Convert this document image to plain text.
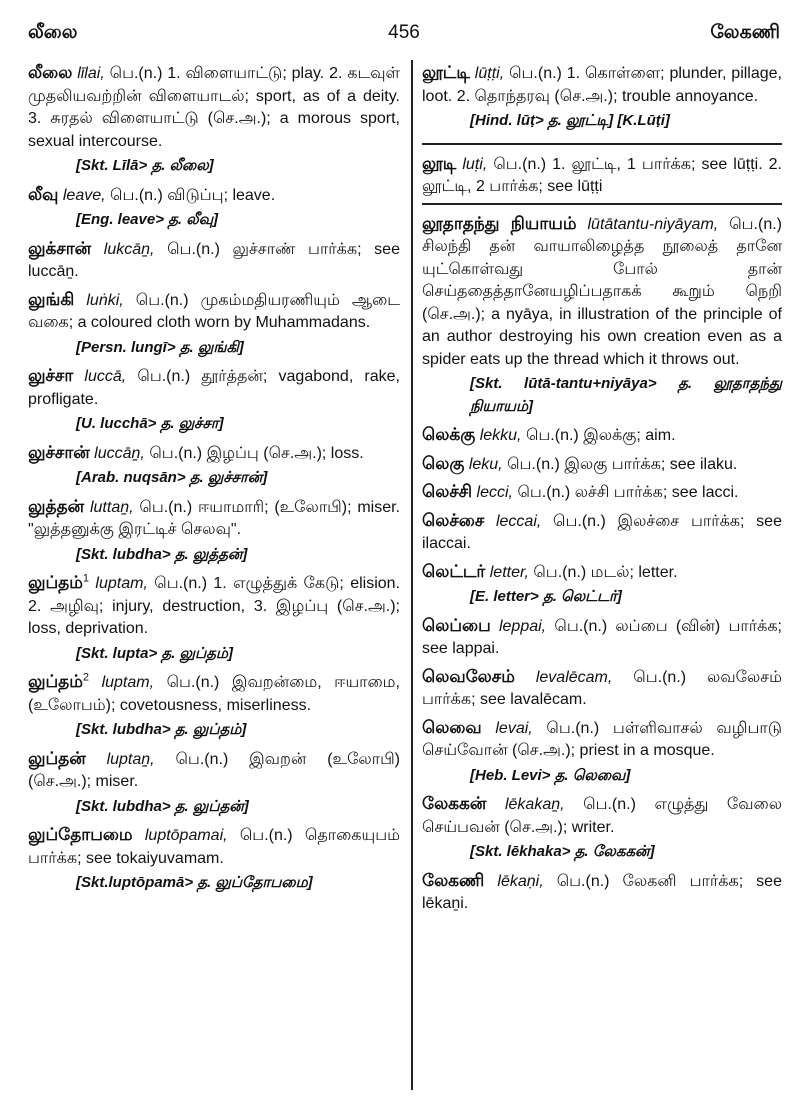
லீலை	456	லேகணி
லீலை līlai, பெ.(n.) 1. விளையாட்டு; play. 2. கடவுள் முதலியவற்றின் விளையாடல்; sport, as of a deity. 3. சுரதல் விளையாட்டு (செ.அ.); a morous sport, sexual intercourse.
[Skt. Līlā> த. லீலை]
லீவு leave, பெ.(n.) விடுப்பு; leave.
[Eng. leave> த. லீவு]
லுக்சான் lukcāṉ, பெ.(n.) லுச்சாண் பார்க்க; see luccāṉ.
லுங்கி luṅki, பெ.(n.) முகம்மதியரணியும் ஆடை வகை; a coloured cloth worn by Muhammadans.
[Persn. lungī> த. லுங்கி]
லுச்சா luccā, பெ.(n.) தூர்த்தன்; vagabond, rake, profligate.
[U. lucchā> த. லுச்சா]
லுச்சான் luccāṉ, பெ.(n.) இழப்பு (செ.அ.); loss.
[Arab. nuqsān> த. லுச்சான்]
லுத்தன் luttaṉ, பெ.(n.) ஈயாமாரி; (உலோபி); miser. "லுத்தனுக்கு இரட்டிச் செலவு".
[Skt. lubdha> த. லுத்தன்]
லுப்தம்$^1$ luptam, பெ.(n.) 1. எழுத்துக் கேடு; elision. 2. அழிவு; injury, destruction, 3. இழப்பு (செ.அ.); loss, deprivation.
[Skt. lupta> த. லுப்தம்]
லுப்தம்$^2$ luptam, பெ.(n.) இவறன்மை, ஈயாமை, (உலோபம்); covetousness, miserliness.
[Skt. lubdha> த. லுப்தம்]
லுப்தன் luptaṉ, பெ.(n.) இவறன் (உலோபி) (செ.அ.); miser.
[Skt. lubdha> த. லுப்தன்]
லுப்தோபமை luptōpamai, பெ.(n.) தொகையுபம் பார்க்க; see tokaiyuvamam.
[Skt.luptōpamā> த. லுப்தோபமை]
லூட்டி lūṭṭi, பெ.(n.) 1. கொள்ளை; plunder, pillage, loot. 2. தொந்தரவு (செ.அ.); trouble annoyance.
[Hind. lūṭ> த. லூட்டி] [K.Lūṭi]
லூடி luṭi, பெ.(n.) 1. லூட்டி, 1 பார்க்க; see lūṭṭi. 2. லூட்டி, 2 பார்க்க; see lūṭṭi
லூதாதந்து நியாயம் lūtātantu-niyāyam, பெ.(n.) சிலந்தி தன் வாயாலிழைத்த நூலைத் தானே யுட்கொள்வது போல் தான் செய்ததைத்தானேயழிப்பதாகக் கூறும் நெறி (செ.அ.); a nyāya, in illustration of the principle of an author destroying his own creation even as a spider eats up the thread which it throws out.
[Skt. lūtā-tantu+niyāya> த. லூதாதந்து நியாயம்]
லெக்கு lekku, பெ.(n.) இலக்கு; aim.
லெகு leku, பெ.(n.) இலகு பார்க்க; see ilaku.
லெச்சி lecci, பெ.(n.) லச்சி பார்க்க; see lacci.
லெச்சை leccai, பெ.(n.) இலச்சை பார்க்க; see ilaccai.
லெட்டர் letter, பெ.(n.) மடல்; letter.
[E. letter> த. லெட்டர்]
லெப்பை leppai, பெ.(n.) லப்பை (வின்) பார்க்க; see lappai.
லெவலேசம் levalēcam, பெ.(n.) லவலேசம் பார்க்க; see lavalēcam.
லெவை levai, பெ.(n.) பள்ளிவாசல் வழிபாடு செய்வோன் (செ.அ.); priest in a mosque.
[Heb. Levi> த. லெவை]
லேககன் lēkakaṉ, பெ.(n.) எழுத்து வேலை செய்பவன் (செ.அ.); writer.
[Skt. lēkhaka> த. லேககன்]
லேகணி lēkaṇi, பெ.(n.) லேகனி பார்க்க; see lēkaṉi.
